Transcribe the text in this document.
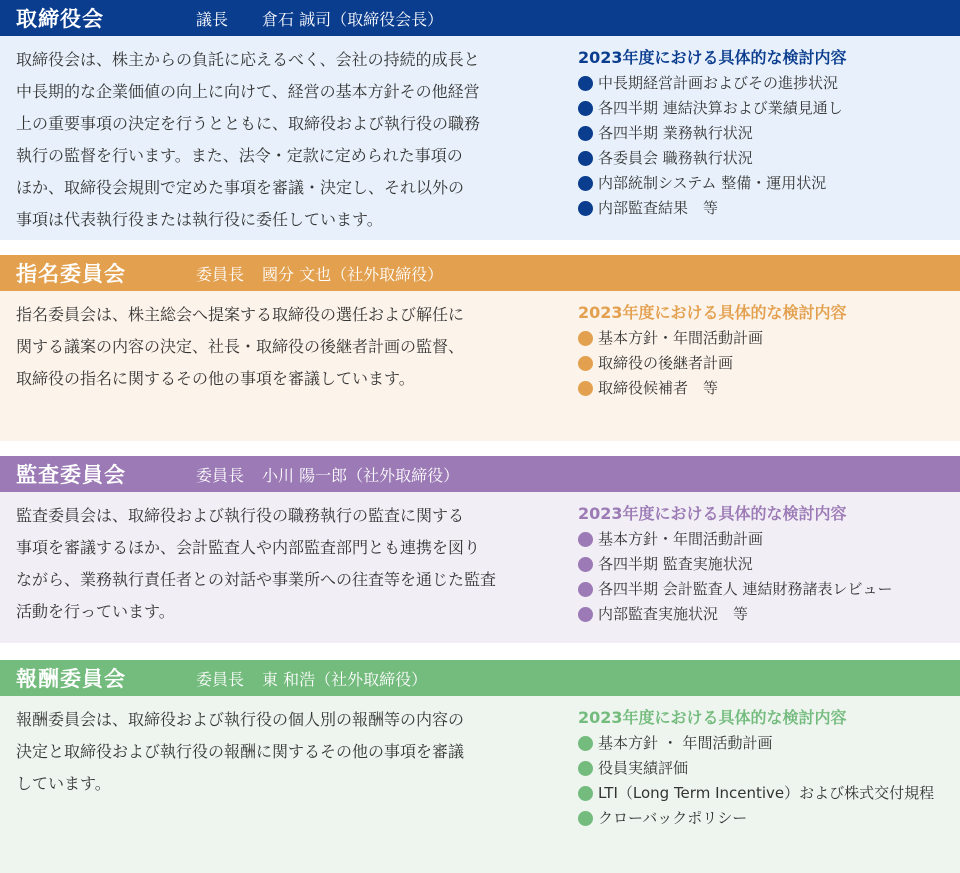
取締役会	議長 倉石 誠司（取締役会長）
取締役会は、株主からの負託に応えるべく、会社の持続的成長と
中長期的な企業価値の向上に向けて、経営の基本方針その他経営
上の重要事項の決定を行うとともに、取締役および執行役の職務
執行の監督を行います。また、法令・定款に定められた事項の
ほか、取締役会規則で定めた事項を審議・決定し、それ以外の
事項は代表執行役または執行役に委任しています。

2023年度における具体的な検討内容

中長期経営計画およびその進捗状況
各四半期 連結決算および業績見通し
各四半期 業務執行状況
各委員会 職務執行状況
内部統制システム 整備・運用状況
内部監査結果　等
指名委員会	委員長 國分 文也（社外取締役）
指名委員会は、株主総会へ提案する取締役の選任および解任に
関する議案の内容の決定、社長・取締役の後継者計画の監督、
取締役の指名に関するその他の事項を審議しています。

2023年度における具体的な検討内容

基本方針・年間活動計画
取締役の後継者計画
取締役候補者　等
監査委員会	委員長 小川 陽一郎（社外取締役）
監査委員会は、取締役および執行役の職務執行の監査に関する
事項を審議するほか、会計監査人や内部監査部門とも連携を図り
ながら、業務執行責任者との対話や事業所への往査等を通じた監査
活動を行っています。

2023年度における具体的な検討内容

基本方針・年間活動計画
各四半期 監査実施状況
各四半期 会計監査人 連結財務諸表レビュー
内部監査実施状況　等
報酬委員会	委員長 東 和浩（社外取締役）
報酬委員会は、取締役および執行役の個人別の報酬等の内容の
決定と取締役および執行役の報酬に関するその他の事項を審議
しています。

2023年度における具体的な検討内容

基本方針 ・ 年間活動計画
役員実績評価
LTI（Long Term Incentive）および株式交付規程
クローバックポリシー
